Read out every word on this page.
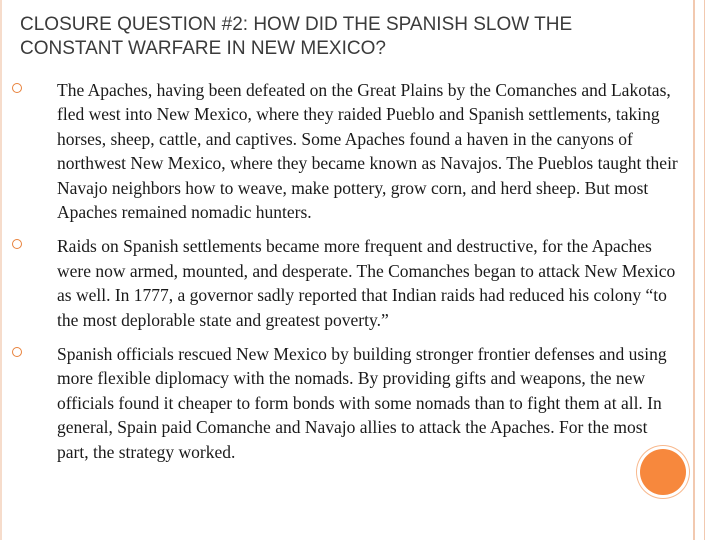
CLOSURE QUESTION #2: HOW DID THE SPANISH SLOW THE
CONSTANT WARFARE IN NEW MEXICO?
The Apaches, having been defeated on the Great Plains by the Comanches and Lakotas, fled west into New Mexico, where they raided Pueblo and Spanish settlements, taking horses, sheep, cattle, and captives. Some Apaches found a haven in the canyons of northwest New Mexico, where they became known as Navajos. The Pueblos taught their Navajo neighbors how to weave, make pottery, grow corn, and herd sheep. But most Apaches remained nomadic hunters.
Raids on Spanish settlements became more frequent and destructive, for the Apaches were now armed, mounted, and desperate. The Comanches began to attack New Mexico as well. In 1777, a governor sadly reported that Indian raids had reduced his colony “to the most deplorable state and greatest poverty.”
Spanish officials rescued New Mexico by building stronger frontier defenses and using more flexible diplomacy with the nomads. By providing gifts and weapons, the new officials found it cheaper to form bonds with some nomads than to fight them at all. In general, Spain paid Comanche and Navajo allies to attack the Apaches. For the most part, the strategy worked.
